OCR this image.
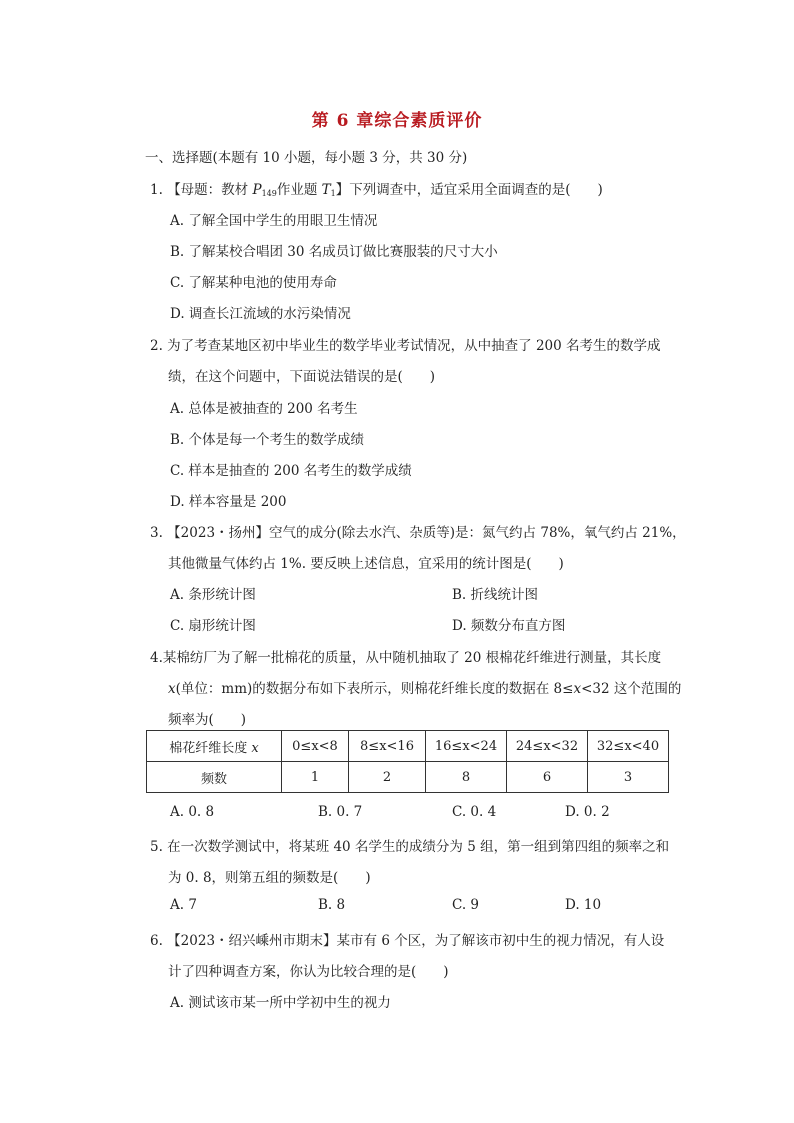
第 6 章综合素质评价
一、选择题(本题有 10 小题，每小题 3 分，共 30 分)
1. 【母题：教材 $P_{149}$作业题 $T_1$】下列调查中，适宜采用全面调查的是(　　)
A. 了解全国中学生的用眼卫生情况
B. 了解某校合唱团 30 名成员订做比赛服装的尺寸大小
C. 了解某种电池的使用寿命
D. 调查长江流域的水污染情况
2. 为了考查某地区初中毕业生的数学毕业考试情况，从中抽查了 200 名考生的数学成
绩，在这个问题中，下面说法错误的是(　　)
A. 总体是被抽查的 200 名考生
B. 个体是每一个考生的数学成绩
C. 样本是抽查的 200 名考生的数学成绩
D. 样本容量是 200
3. 【2023・扬州】空气的成分(除去水汽、杂质等)是：氮气约占 78%，氧气约占 21%，
其他微量气体约占 1%. 要反映上述信息，宜采用的统计图是(　　)
A. 条形统计图	B. 折线统计图
C. 扇形统计图	D. 频数分布直方图
4.某棉纺厂为了解一批棉花的质量，从中随机抽取了 20 根棉花纤维进行测量，其长度
x(单位：mm)的数据分布如下表所示，则棉花纤维长度的数据在 8≤x<32 这个范围的
频率为(　　)
棉花纤维长度 x	0≤x<8	8≤x<16	16≤x<24	24≤x<32	32≤x<40
频数	1	2	8	6	3
A. 0. 8	B. 0. 7	C. 0. 4	D. 0. 2
5. 在一次数学测试中，将某班 40 名学生的成绩分为 5 组，第一组到第四组的频率之和
为 0. 8，则第五组的频数是(　　)
A. 7	B. 8	C. 9	D. 10
6. 【2023・绍兴嵊州市期末】某市有 6 个区，为了解该市初中生的视力情况，有人设
计了四种调查方案，你认为比较合理的是(　　)
A. 测试该市某一所中学初中生的视力
